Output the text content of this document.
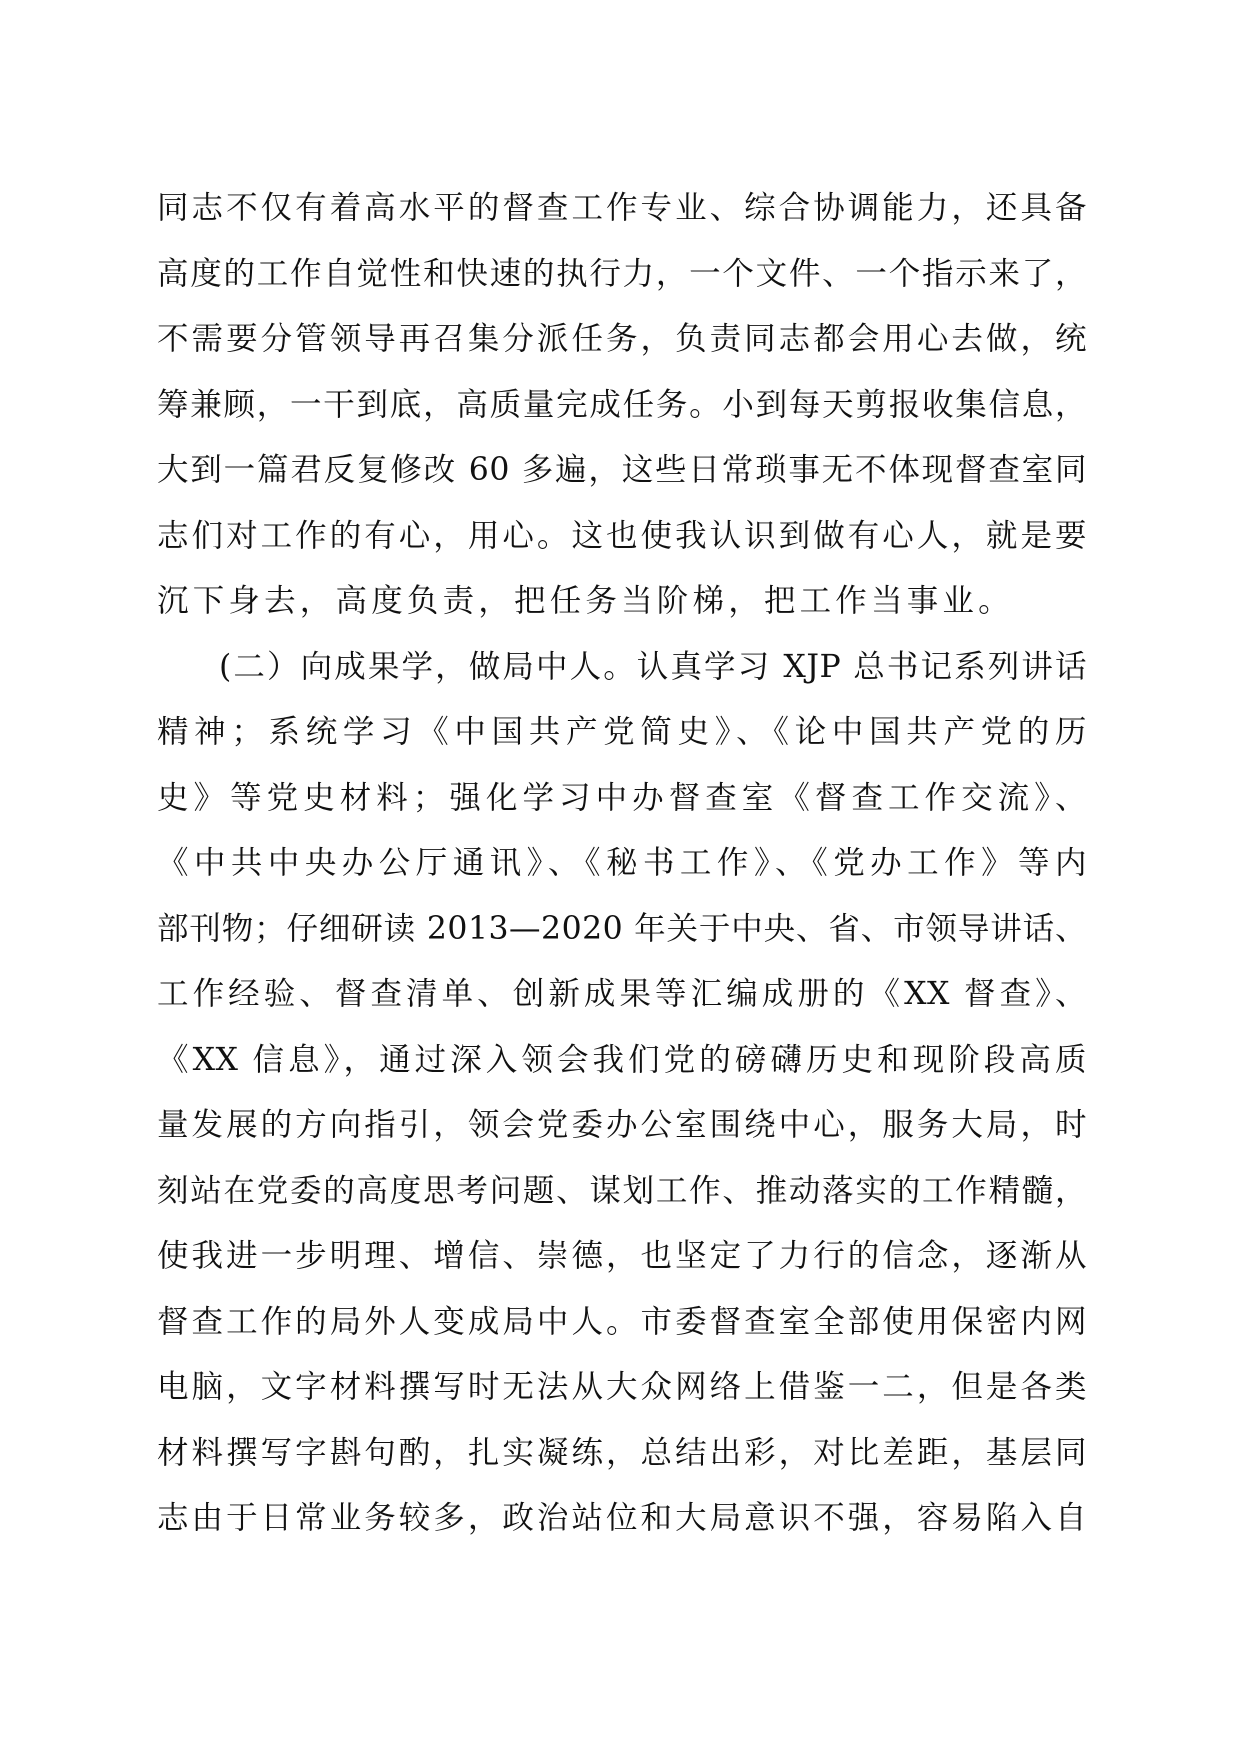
同志不仅有着高水平的督查工作专业、综合协调能力，还具备
高度的工作自觉性和快速的执行力，一个文件、一个指示来了，
不需要分管领导再召集分派任务，负责同志都会用心去做，统
筹兼顾，一干到底，高质量完成任务。小到每天剪报收集信息，
大到一篇君反复修改 60 多遍，这些日常琐事无不体现督查室同
志们对工作的有心，用心。这也使我认识到做有心人，就是要
沉下身去，高度负责，把任务当阶梯，把工作当事业。
(二）向成果学，做局中人。认真学习 XJP 总书记系列讲话
精神；系统学习《中国共产党简史》、《论中国共产党的历
史》等党史材料；强化学习中办督查室《督查工作交流》、
《中共中央办公厅通讯》、《秘书工作》、《党办工作》等内
部刊物；仔细研读 2013—2020 年关于中央、省、市领导讲话、
工作经验、督查清单、创新成果等汇编成册的《XX 督查》、
《XX 信息》，通过深入领会我们党的磅礴历史和现阶段高质
量发展的方向指引，领会党委办公室围绕中心，服务大局，时
刻站在党委的高度思考问题、谋划工作、推动落实的工作精髓，
使我进一步明理、增信、崇德，也坚定了力行的信念，逐渐从
督查工作的局外人变成局中人。市委督查室全部使用保密内网
电脑，文字材料撰写时无法从大众网络上借鉴一二，但是各类
材料撰写字斟句酌，扎实凝练，总结出彩，对比差距，基层同
志由于日常业务较多，政治站位和大局意识不强，容易陷入自
